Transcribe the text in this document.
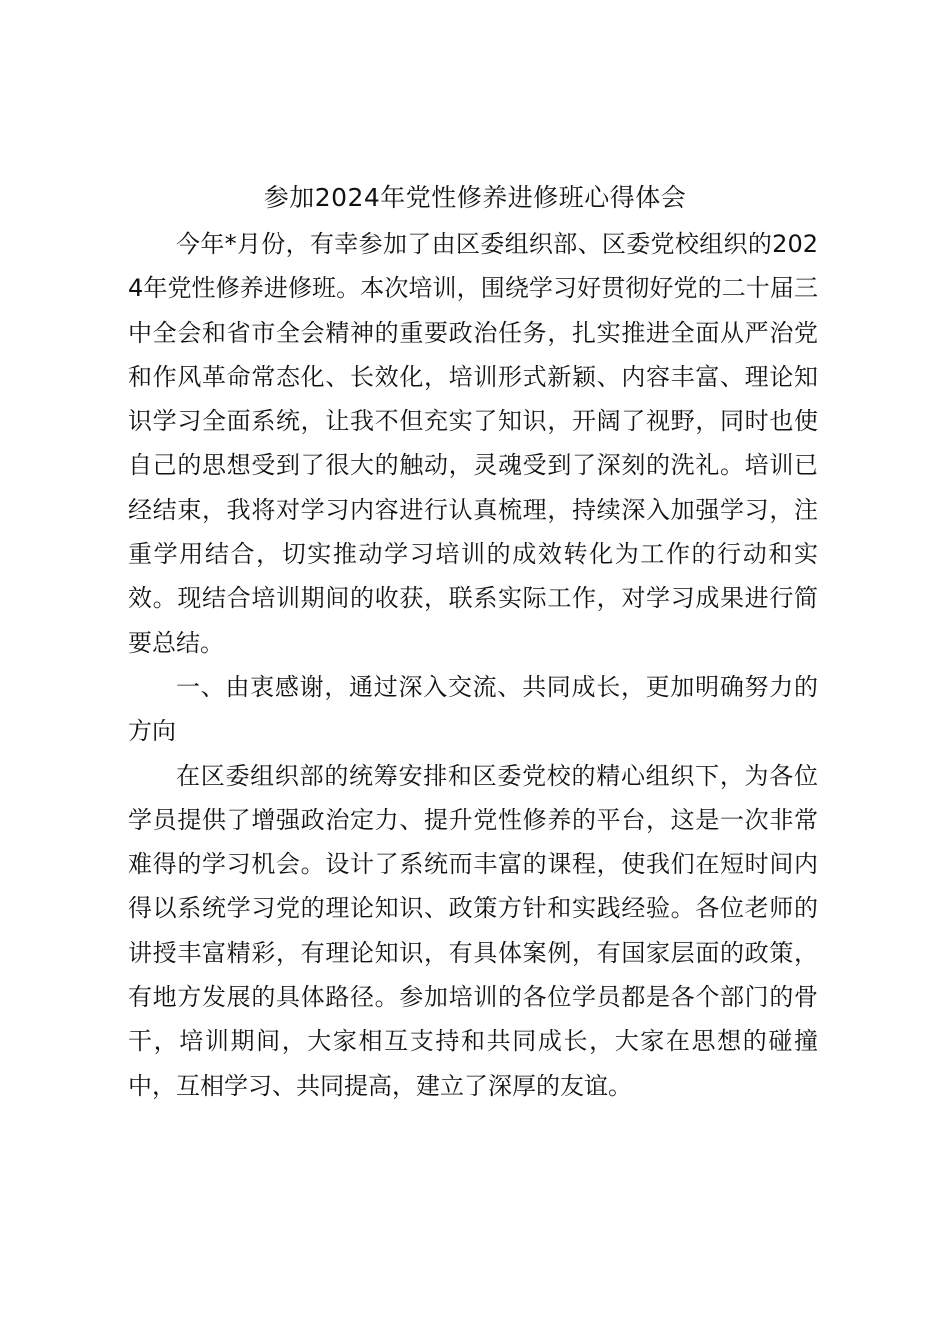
参加2024年党性修养进修班心得体会

今年*月份，有幸参加了由区委组织部、区委党校组织的2024年党性修养进修班。本次培训，围绕学习好贯彻好党的二十届三中全会和省市全会精神的重要政治任务，扎实推进全面从严治党和作风革命常态化、长效化，培训形式新颖、内容丰富、理论知识学习全面系统，让我不但充实了知识，开阔了视野，同时也使自己的思想受到了很大的触动，灵魂受到了深刻的洗礼。培训已经结束，我将对学习内容进行认真梳理，持续深入加强学习，注重学用结合，切实推动学习培训的成效转化为工作的行动和实效。现结合培训期间的收获，联系实际工作，对学习成果进行简要总结。

一、由衷感谢，通过深入交流、共同成长，更加明确努力的方向

在区委组织部的统筹安排和区委党校的精心组织下，为各位学员提供了增强政治定力、提升党性修养的平台，这是一次非常难得的学习机会。设计了系统而丰富的课程，使我们在短时间内得以系统学习党的理论知识、政策方针和实践经验。各位老师的讲授丰富精彩，有理论知识，有具体案例，有国家层面的政策，有地方发展的具体路径。参加培训的各位学员都是各个部门的骨干，培训期间，大家相互支持和共同成长，大家在思想的碰撞中，互相学习、共同提高，建立了深厚的友谊。
